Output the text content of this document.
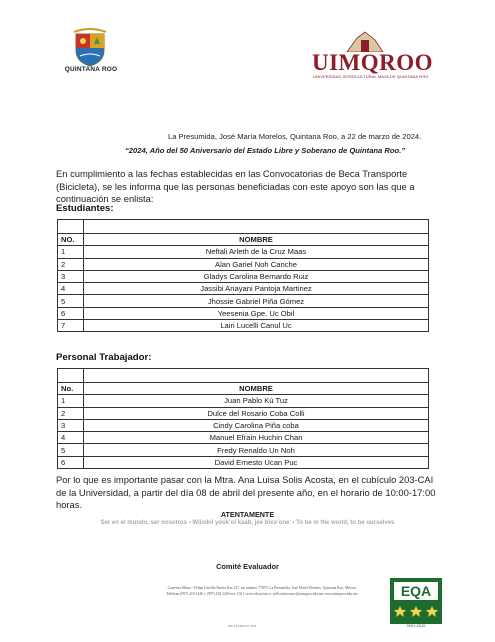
QUINTANA ROO	UIMQROO
UNIVERSIDAD INTERCULTURAL MAYA DE QUINTANA ROO
La Presumida, José María Morelos, Quintana Roo, a 22 de marzo de 2024.
“2024, Año del 50 Aniversario del Estado Libre y Soberano de Quintana Roo.”
En cumplimiento a las fechas establecidas en las Convocatorias de Beca Transporte (Bicicleta), se les informa que las personas beneficiadas con este apoyo son las que a continuación se enlista:
Estudiantes:

NO.	NOMBRE
1	Neftali Arleth de la Cruz Maas
2	Alan Gariel Noh Canche
3	Gladys Carolina Bernardo Ruiz
4	Jassibi Anayani Pantoja Martinez
5	Jhossie Gabriel Piña Gómez
6	Yeesenia Gpe. Uc Obil
7	Lairi Lucelli Canul Uc
Personal Trabajador:

No.	NOMBRE
1	Juan Pablo Kú Tuz
2	Dulce del Rosario Coba Colli
3	Cindy Carolina Piña coba
4	Manuel Efrain Huchin Chan
5	Fredy Renaldo Un Noh
6	David Ernesto Ucan Puc
Por lo que es importante pasar con la Mtra. Ana Luisa Solis Acosta, en el cubículo 203-CAI de la Universidad, a partir del día 08 de abril del presente año, en el horario de 10:00-17:00 horas.
ATENTAMENTE
Ser en el mundo, ser nosotros ▪ Wiinikil yóok’ol kaab, jée bixo’one’ ▪ To be in the world, to be ourselves
Comité Evaluador
Carretera Muna - Felipe Carrillo Puerto Km 137, sin número 77870, La Presumida, José María Morelos, Quintana Roo, México Teléfono (997) 418 1440 y (997) 418 1430 ext. 102 Correo electrónico: willson.hoxserc@uimqroo.edu.mx www.uimqroo.edu.mx
FO-13-DFS-01 V02
EQA
9001:2015
